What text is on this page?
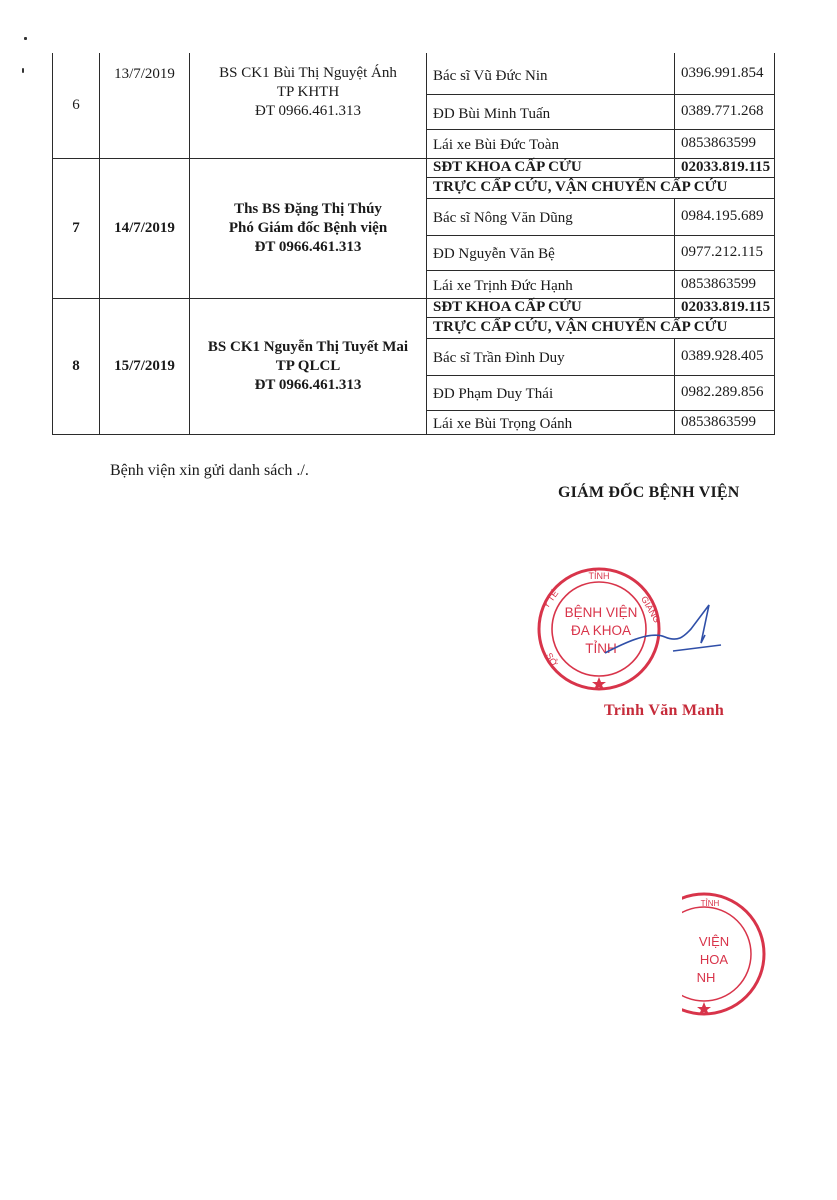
6	13/7/2019	BS CK1 Bùi Thị Nguyệt Ánh
TP KHTH
ĐT 0966.461.313	Bác sĩ Vũ Đức Nin	0396.991.854
			ĐD Bùi Minh Tuấn	0389.771.268
			Lái xe Bùi Đức Toàn	0853863599
7	14/7/2019	Ths BS Đặng Thị Thúy
Phó Giám đốc Bệnh viện
ĐT 0966.461.313	SĐT KHOA CẤP CỨU	02033.819.115
			TRỰC CẤP CỨU, VẬN CHUYỂN CẤP CỨU	
			Bác sĩ Nông Văn Dũng	0984.195.689
			ĐD Nguyễn Văn Bệ	0977.212.115
			Lái xe Trịnh Đức Hạnh	0853863599
8	15/7/2019	BS CK1 Nguyễn Thị Tuyết Mai
TP QLCL
ĐT 0966.461.313	SĐT KHOA CẤP CỨU	02033.819.115
			TRỰC CẤP CỨU, VẬN CHUYỂN CẤP CỨU	
			Bác sĩ Trần Đình Duy	0389.928.405
			ĐD Phạm Duy Thái	0982.289.856
			Lái xe Bùi Trọng Oánh	0853863599
Bệnh viện xin gửi danh sách ./.
GIÁM ĐỐC BỆNH VIỆN
TỈNH
Y TẾ	GIANG
SỞ
BỆNH VIỆN
ĐA KHOA
TỈNH
Trinh Văn Manh
TỈNH
VIỆN
HOA
NH
